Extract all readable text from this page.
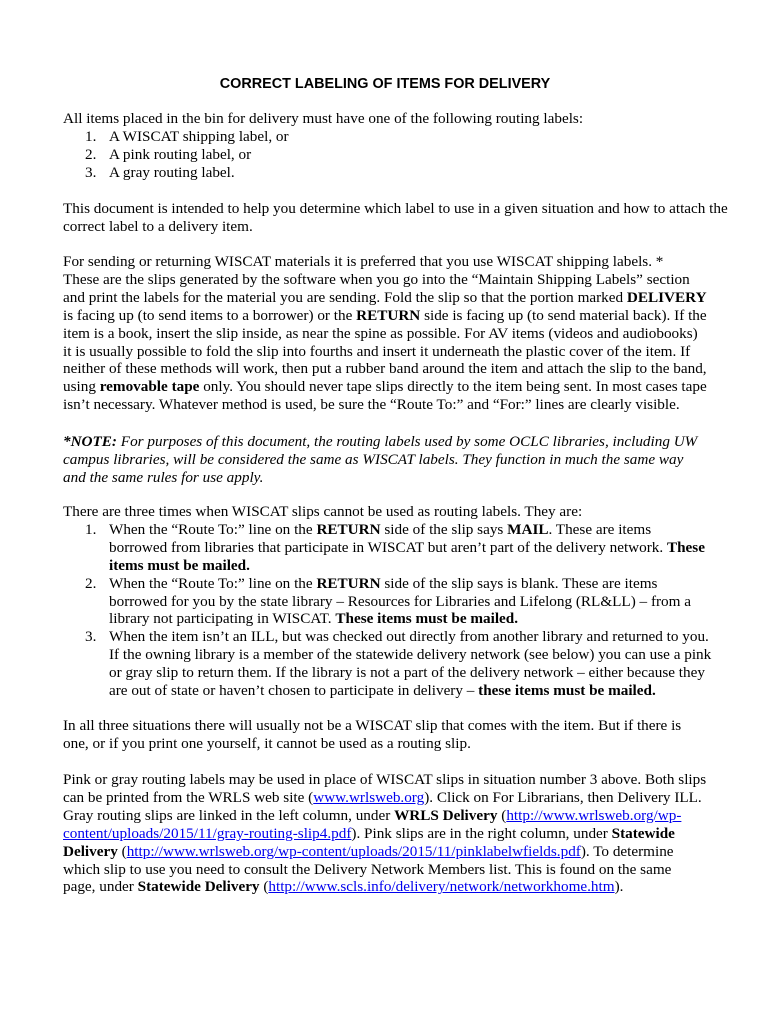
CORRECT LABELING OF ITEMS FOR DELIVERY
All items placed in the bin for delivery must have one of the following routing labels:
1. A WISCAT shipping label, or
2. A pink routing label, or
3. A gray routing label.
This document is intended to help you determine which label to use in a given situation and how to attach the
correct label to a delivery item.
For sending or returning WISCAT materials it is preferred that you use WISCAT shipping labels. *
These are the slips generated by the software when you go into the “Maintain Shipping Labels” section
and print the labels for the material you are sending. Fold the slip so that the portion marked DELIVERY
is facing up (to send items to a borrower) or the RETURN side is facing up (to send material back). If the
item is a book, insert the slip inside, as near the spine as possible. For AV items (videos and audiobooks)
it is usually possible to fold the slip into fourths and insert it underneath the plastic cover of the item. If
neither of these methods will work, then put a rubber band around the item and attach the slip to the band,
using removable tape only. You should never tape slips directly to the item being sent. In most cases tape
isn’t necessary. Whatever method is used, be sure the “Route To:” and “For:” lines are clearly visible.
*NOTE: For purposes of this document, the routing labels used by some OCLC libraries, including UW
campus libraries, will be considered the same as WISCAT labels. They function in much the same way
and the same rules for use apply.
There are three times when WISCAT slips cannot be used as routing labels. They are:
1. When the “Route To:” line on the RETURN side of the slip says MAIL. These are items
borrowed from libraries that participate in WISCAT but aren’t part of the delivery network. These
items must be mailed.
2. When the “Route To:” line on the RETURN side of the slip says is blank. These are items
borrowed for you by the state library – Resources for Libraries and Lifelong (RL&LL) – from a
library not participating in WISCAT. These items must be mailed.
3. When the item isn’t an ILL, but was checked out directly from another library and returned to you.
If the owning library is a member of the statewide delivery network (see below) you can use a pink
or gray slip to return them. If the library is not a part of the delivery network – either because they
are out of state or haven’t chosen to participate in delivery – these items must be mailed.
In all three situations there will usually not be a WISCAT slip that comes with the item. But if there is
one, or if you print one yourself, it cannot be used as a routing slip.
Pink or gray routing labels may be used in place of WISCAT slips in situation number 3 above. Both slips
can be printed from the WRLS web site (www.wrlsweb.org). Click on For Librarians, then Delivery ILL.
Gray routing slips are linked in the left column, under WRLS Delivery (http://www.wrlsweb.org/wp-
content/uploads/2015/11/gray-routing-slip4.pdf). Pink slips are in the right column, under Statewide
Delivery (http://www.wrlsweb.org/wp-content/uploads/2015/11/pinklabelwfields.pdf). To determine
which slip to use you need to consult the Delivery Network Members list. This is found on the same
page, under Statewide Delivery (http://www.scls.info/delivery/network/networkhome.htm).
